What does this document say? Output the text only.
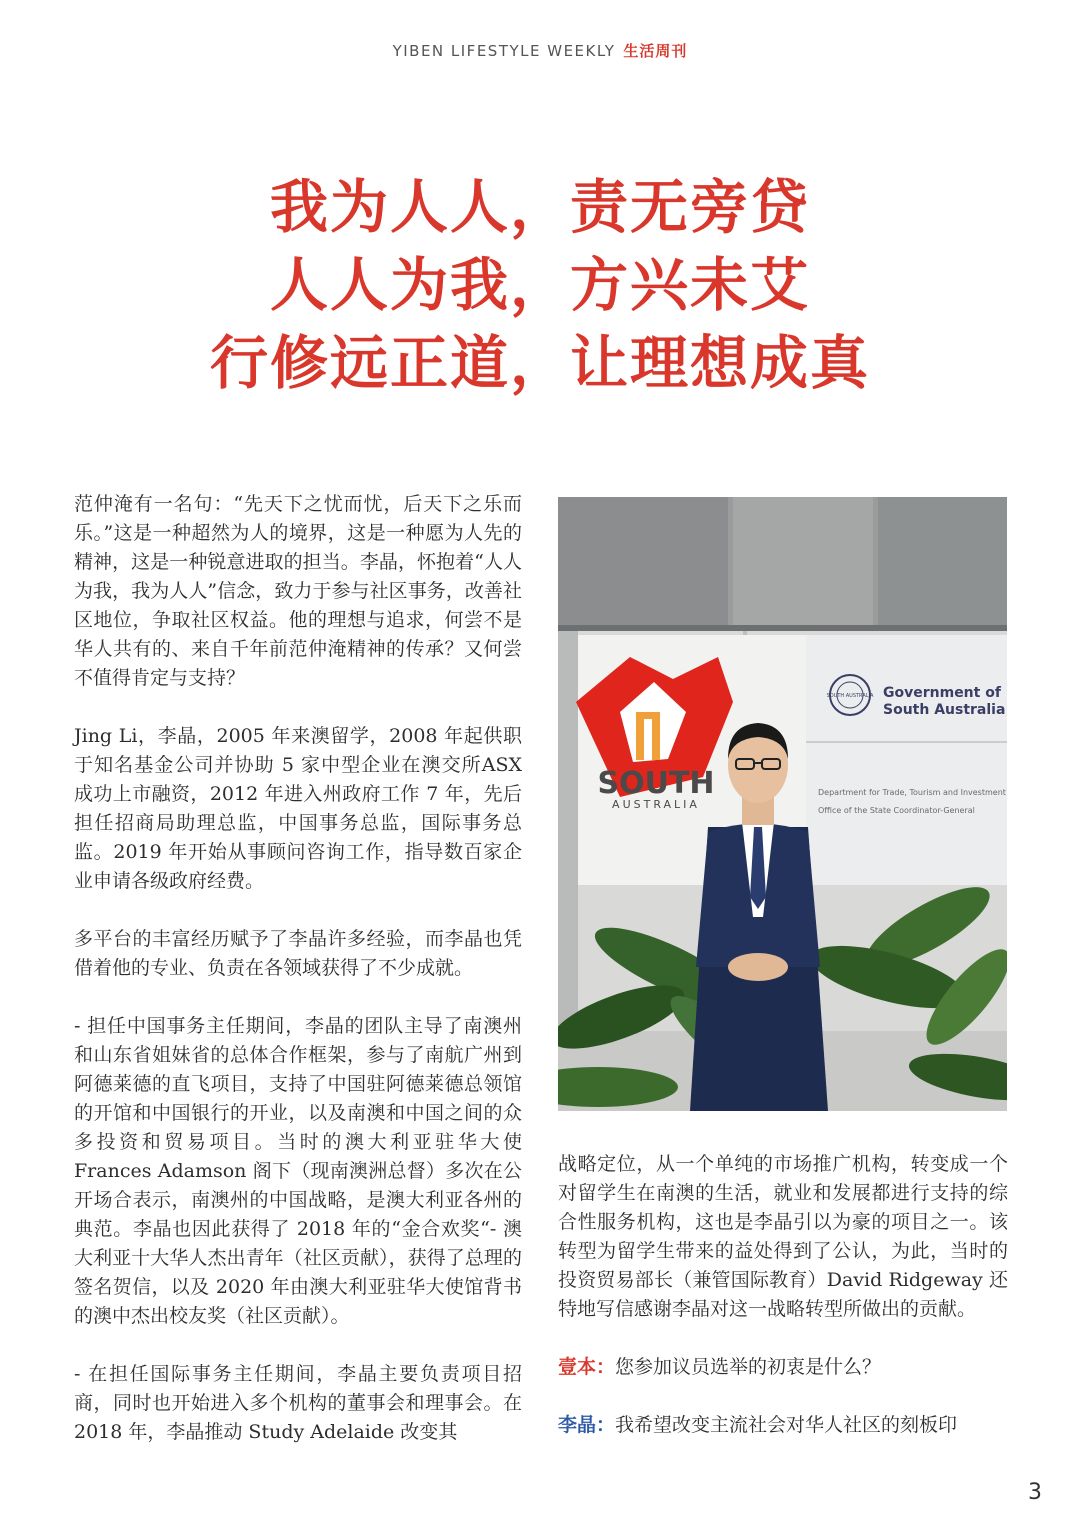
YIBEN LIFESTYLE WEEKLY 生活周刊
我为人人，责无旁贷
人人为我，方兴未艾
行修远正道，让理想成真

范仲淹有一名句：“先天下之忧而忧，后天下之乐而乐。”这是一种超然为人的境界，这是一种愿为人先的精神，这是一种锐意进取的担当。李晶，怀抱着“人人为我，我为人人”信念，致力于参与社区事务，改善社区地位，争取社区权益。他的理想与追求，何尝不是华人共有的、来自千年前范仲淹精神的传承？又何尝不值得肯定与支持？

Jing Li，李晶，2005 年来澳留学，2008 年起供职于知名基金公司并协助 5 家中型企业在澳交所ASX 成功上市融资，2012 年进入州政府工作 7 年，先后担任招商局助理总监，中国事务总监，国际事务总监。2019 年开始从事顾问咨询工作，指导数百家企业申请各级政府经费。

多平台的丰富经历赋予了李晶许多经验，而李晶也凭借着他的专业、负责在各领域获得了不少成就。

- 担任中国事务主任期间，李晶的团队主导了南澳州和山东省姐妹省的总体合作框架，参与了南航广州到阿德莱德的直飞项目，支持了中国驻阿德莱德总领馆的开馆和中国银行的开业，以及南澳和中国之间的众多投资和贸易项目。当时的澳大利亚驻华大使 Frances Adamson 阁下（现南澳洲总督）多次在公开场合表示，南澳州的中国战略，是澳大利亚各州的典范。李晶也因此获得了 2018 年的“金合欢奖“- 澳大利亚十大华人杰出青年（社区贡献），获得了总理的签名贺信，以及 2020 年由澳大利亚驻华大使馆背书的澳中杰出校友奖（社区贡献）。

- 在担任国际事务主任期间，李晶主要负责项目招商，同时也开始进入多个机构的董事会和理事会。在 2018 年，李晶推动 Study Adelaide 改变其

SOUTH
AUSTRALIA
SOUTH AUSTRALIA Government of
South Australia
Department for Trade, Tourism and Investment
Office of the State Coordinator-General

战略定位，从一个单纯的市场推广机构，转变成一个对留学生在南澳的生活，就业和发展都进行支持的综合性服务机构，这也是李晶引以为豪的项目之一。该转型为留学生带来的益处得到了公认，为此，当时的投资贸易部长（兼管国际教育）David Ridgeway 还特地写信感谢李晶对这一战略转型所做出的贡献。

壹本：您参加议员选举的初衷是什么？
李晶：我希望改变主流社会对华人社区的刻板印
3
